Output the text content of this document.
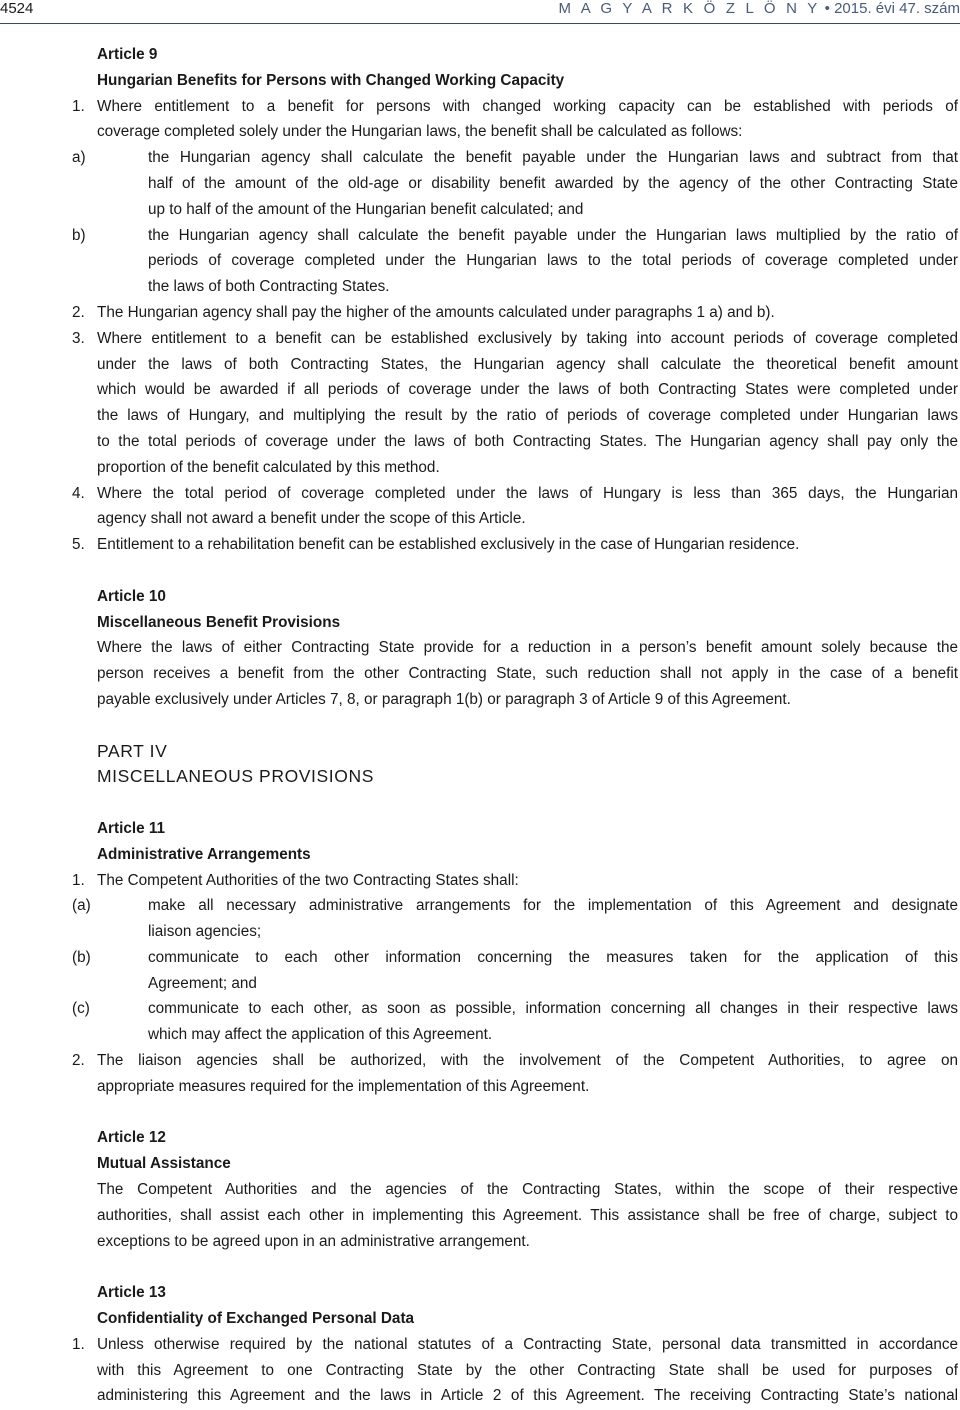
4524	M A G Y A R K Ö Z L Ö N Y • 2015. évi 47. szám
Article 9
Hungarian Benefits for Persons with Changed Working Capacity
1. Where entitlement to a benefit for persons with changed working capacity can be established with periods of
coverage completed solely under the Hungarian laws, the benefit shall be calculated as follows:
a)	the Hungarian agency shall calculate the benefit payable under the Hungarian laws and subtract from that
half of the amount of the old-age or disability benefit awarded by the agency of the other Contracting State
up to half of the amount of the Hungarian benefit calculated; and
b)	the Hungarian agency shall calculate the benefit payable under the Hungarian laws multiplied by the ratio of
periods of coverage completed under the Hungarian laws to the total periods of coverage completed under
the laws of both Contracting States.
2. The Hungarian agency shall pay the higher of the amounts calculated under paragraphs 1 a) and b).
3. Where entitlement to a benefit can be established exclusively by taking into account periods of coverage completed
under the laws of both Contracting States, the Hungarian agency shall calculate the theoretical benefit amount
which would be awarded if all periods of coverage under the laws of both Contracting States were completed under
the laws of Hungary, and multiplying the result by the ratio of periods of coverage completed under Hungarian laws
to the total periods of coverage under the laws of both Contracting States. The Hungarian agency shall pay only the
proportion of the benefit calculated by this method.
4. Where the total period of coverage completed under the laws of Hungary is less than 365 days, the Hungarian
agency shall not award a benefit under the scope of this Article.
5. Entitlement to a rehabilitation benefit can be established exclusively in the case of Hungarian residence.
Article 10
Miscellaneous Benefit Provisions
Where the laws of either Contracting State provide for a reduction in a person’s benefit amount solely because the
person receives a benefit from the other Contracting State, such reduction shall not apply in the case of a benefit
payable exclusively under Articles 7, 8, or paragraph 1(b) or paragraph 3 of Article 9 of this Agreement.
PART IV
MISCELLANEOUS PROVISIONS
Article 11
Administrative Arrangements
1. The Competent Authorities of the two Contracting States shall:
(a)	make all necessary administrative arrangements for the implementation of this Agreement and designate
liaison agencies;
(b)	communicate to each other information concerning the measures taken for the application of this
Agreement; and
(c)	communicate to each other, as soon as possible, information concerning all changes in their respective laws
which may affect the application of this Agreement.
2. The liaison agencies shall be authorized, with the involvement of the Competent Authorities, to agree on
appropriate measures required for the implementation of this Agreement.
Article 12
Mutual Assistance
The Competent Authorities and the agencies of the Contracting States, within the scope of their respective
authorities, shall assist each other in implementing this Agreement. This assistance shall be free of charge, subject to
exceptions to be agreed upon in an administrative arrangement.
Article 13
Confidentiality of Exchanged Personal Data
1. Unless otherwise required by the national statutes of a Contracting State, personal data transmitted in accordance
with this Agreement to one Contracting State by the other Contracting State shall be used for purposes of
administering this Agreement and the laws in Article 2 of this Agreement. The receiving Contracting State’s national
